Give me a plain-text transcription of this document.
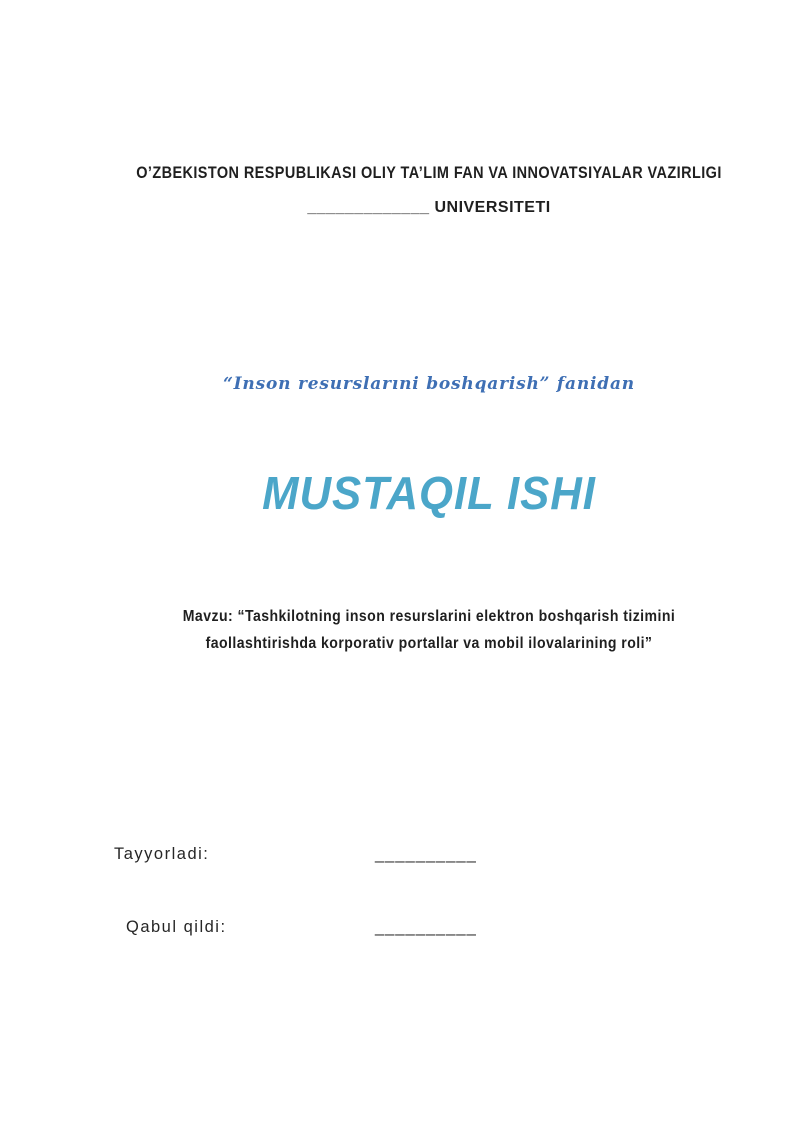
O’ZBEKISTON RESPUBLIKASI OLIY TA’LIM FAN VA INNOVATSIYALAR VAZIRLIGI
_____________ UNIVERSITETI
“Inson resurslarıni boshqarish” fanidan
MUSTAQIL ISHI
Mavzu: “Tashkilotning inson resurslarini elektron boshqarish tizimini
faollashtirishda korporativ portallar va mobil ilovalarining roli”
Tayyorladi:	__________
Qabul qildi:	__________
